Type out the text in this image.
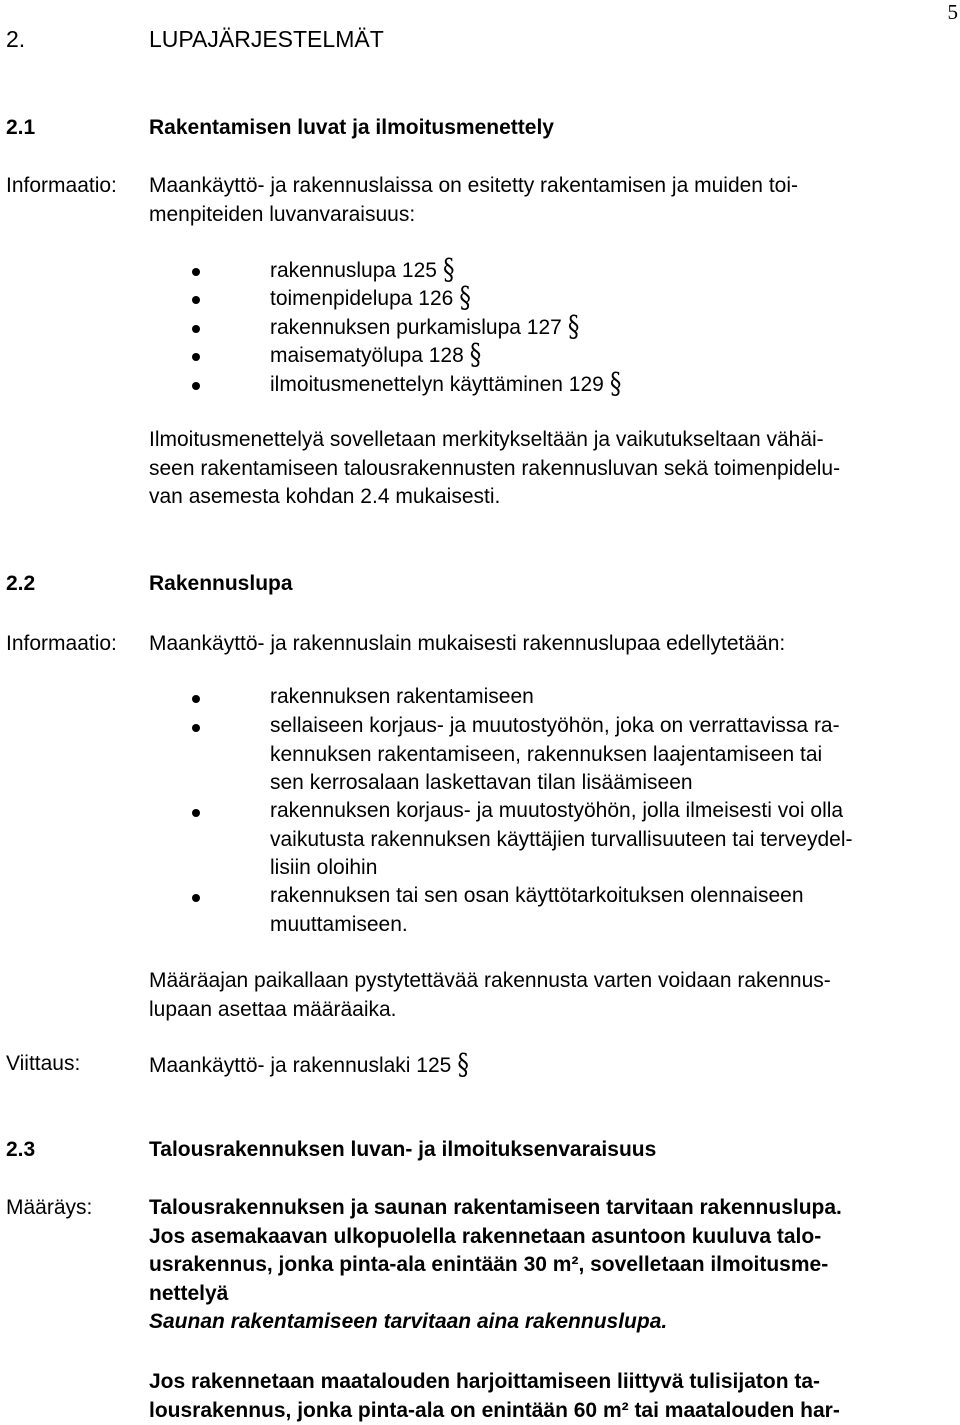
5
2.	LUPAJÄRJESTELMÄT
2.1	Rakentamisen luvat ja ilmoitusmenettely
Informaatio: Maankäyttö- ja rakennuslaissa on esitetty rakentamisen ja muiden toi-
menpiteiden luvanvaraisuus:
rakennuslupa 125 §
toimenpidelupa 126 §
rakennuksen purkamislupa 127 §
maisematyölupa 128 §
ilmoitusmenettelyn käyttäminen 129 §
Ilmoitusmenettelyä sovelletaan merkitykseltään ja vaikutukseltaan vähäi-
seen rakentamiseen talousrakennusten rakennusluvan sekä toimenpidelu-
van asemesta kohdan 2.4 mukaisesti.
2.2	Rakennuslupa
Informaatio: Maankäyttö- ja rakennuslain mukaisesti rakennuslupaa edellytetään:
rakennuksen rakentamiseen
sellaiseen korjaus- ja muutostyöhön, joka on verrattavissa ra-
kennuksen rakentamiseen, rakennuksen laajentamiseen tai
sen kerrosalaan laskettavan tilan lisäämiseen
rakennuksen korjaus- ja muutostyöhön, jolla ilmeisesti voi olla
vaikutusta rakennuksen käyttäjien turvallisuuteen tai terveydel-
lisiin oloihin
rakennuksen tai sen osan käyttötarkoituksen olennaiseen
muuttamiseen.
Määräajan paikallaan pystytettävää rakennusta varten voidaan rakennus-
lupaan asettaa määräaika.
Viittaus:	Maankäyttö- ja rakennuslaki 125 §
2.3	Talousrakennuksen luvan- ja ilmoituksenvaraisuus
Määräys:	Talousrakennuksen ja saunan rakentamiseen tarvitaan rakennuslupa.
Jos asemakaavan ulkopuolella rakennetaan asuntoon kuuluva talo-
usrakennus, jonka pinta-ala enintään 30 m², sovelletaan ilmoitusme-
nettelyä
Saunan rakentamiseen tarvitaan aina rakennuslupa.
Jos rakennetaan maatalouden harjoittamiseen liittyvä tulisijaton ta-
lousrakennus, jonka pinta-ala on enintään 60 m² tai maatalouden har-
